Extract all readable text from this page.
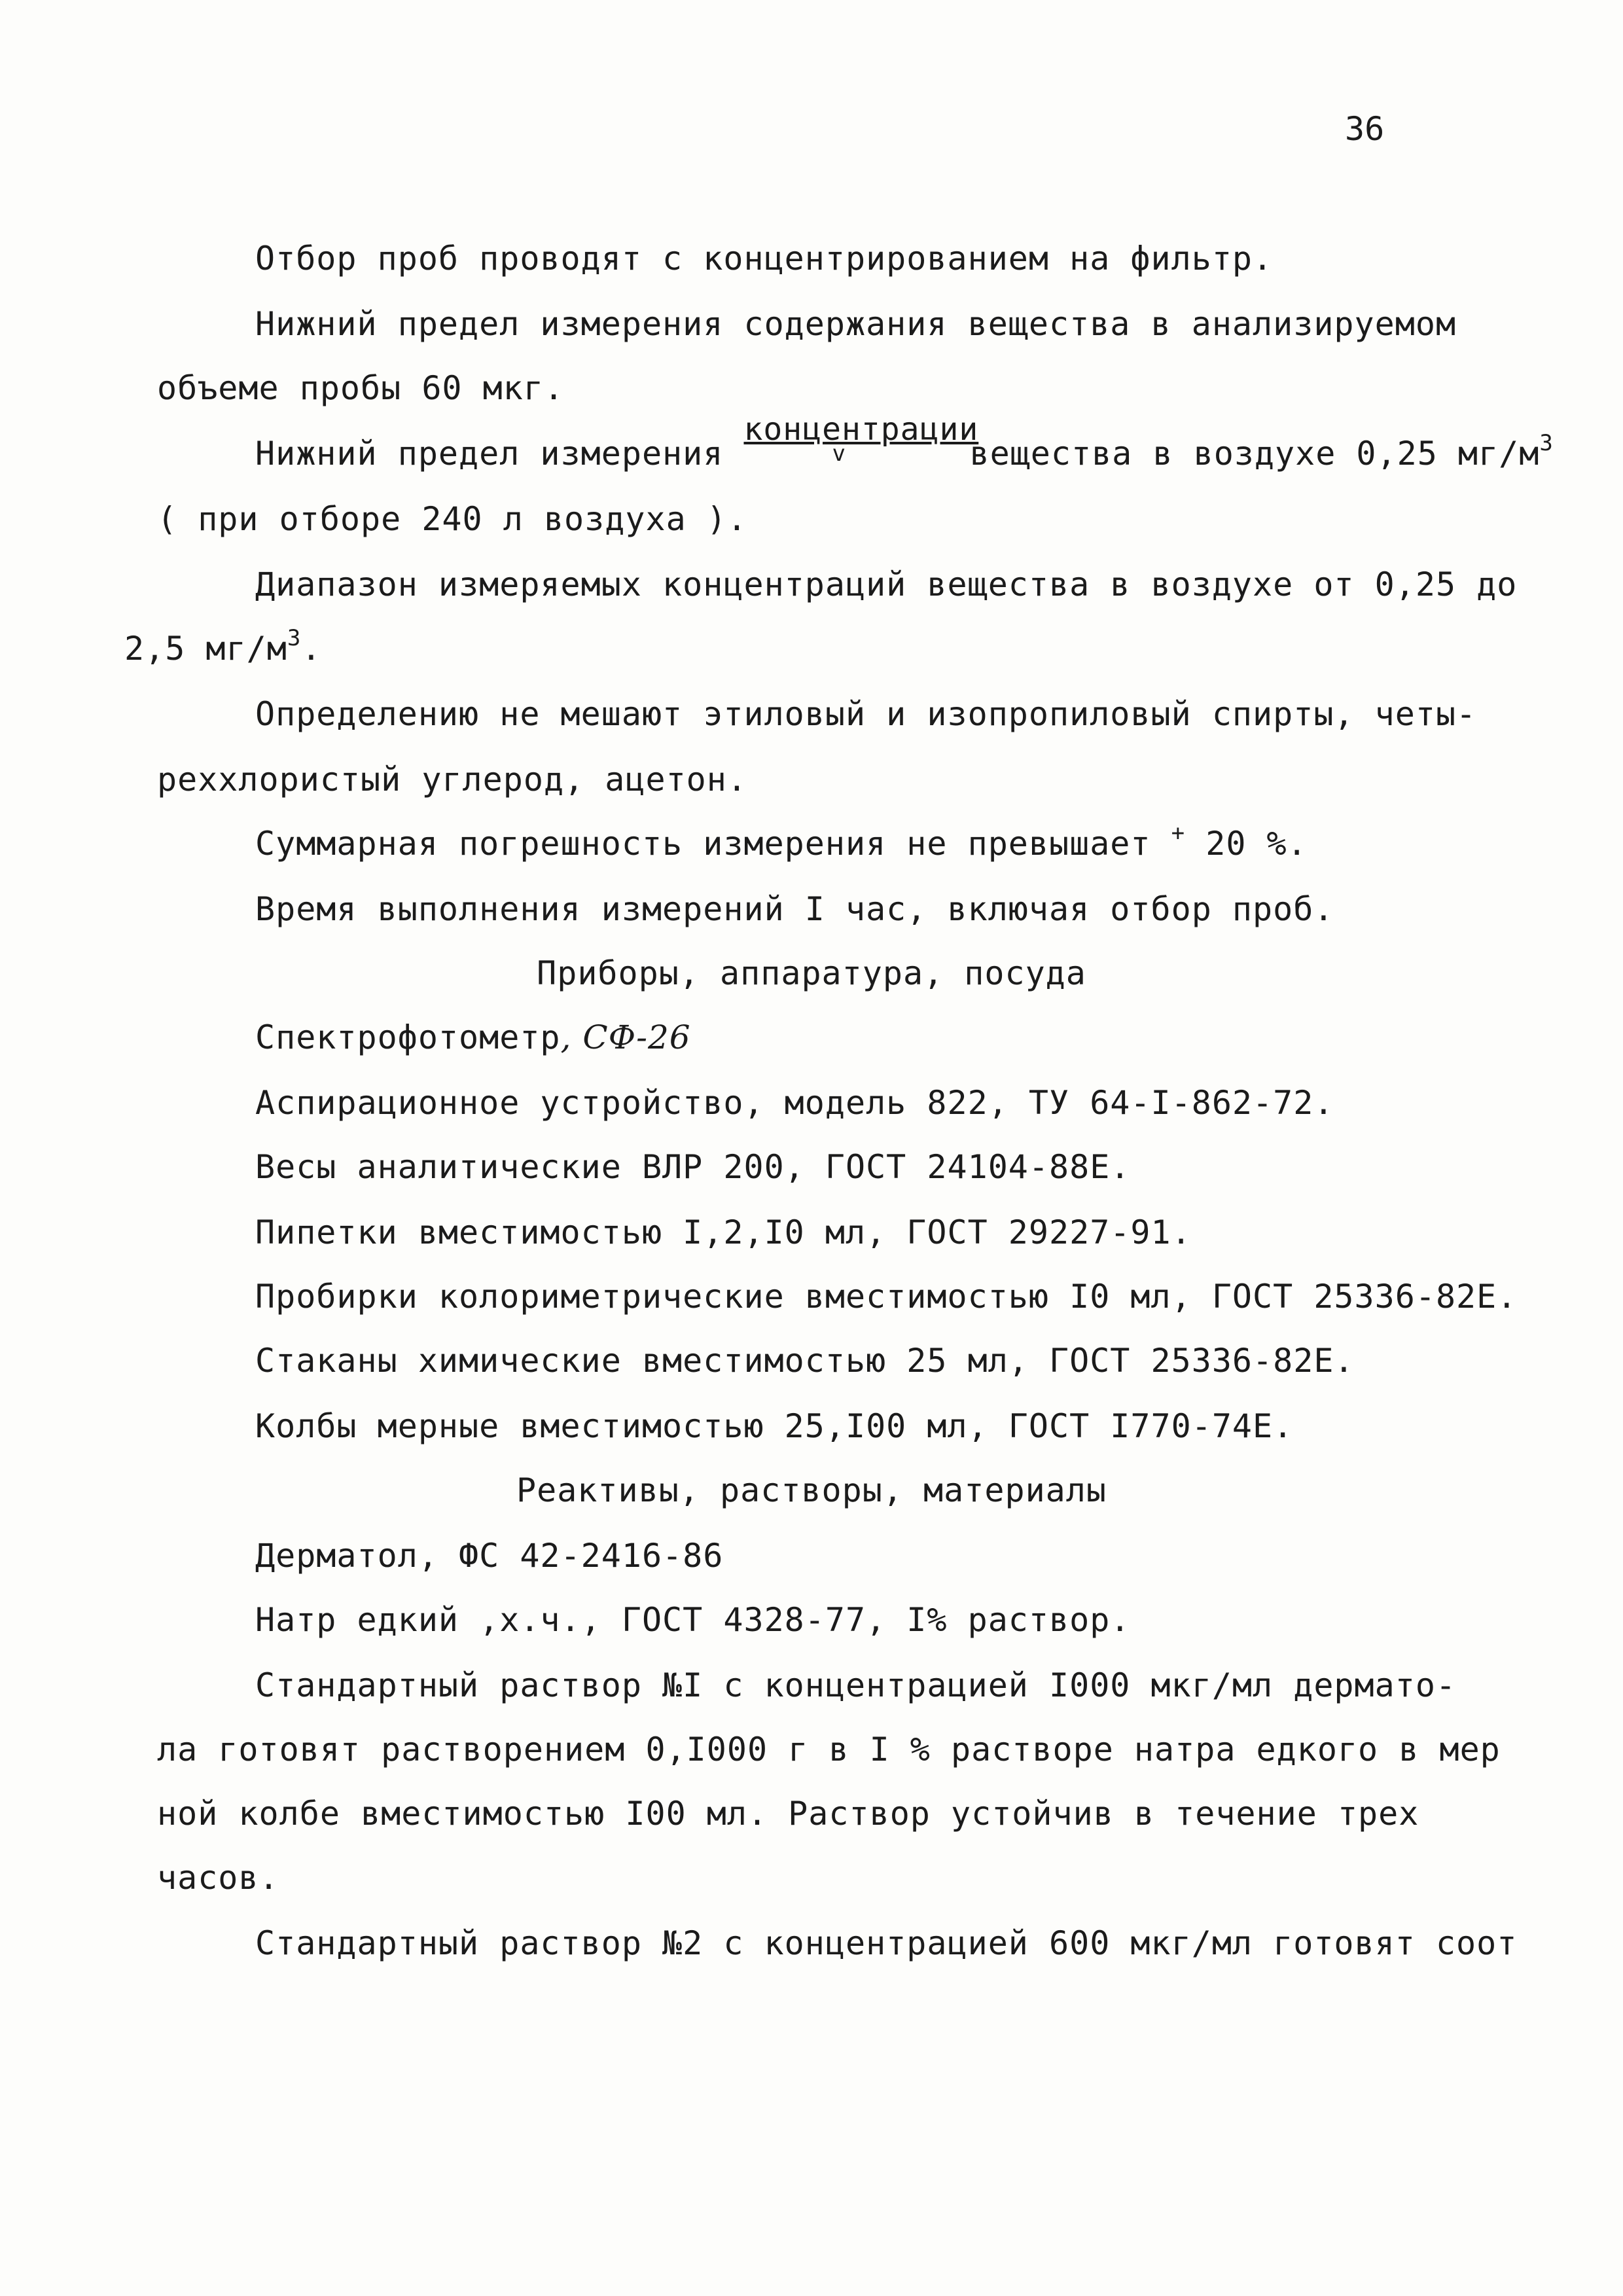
36
Отбор проб проводят с концентрированием на фильтр.
Нижний предел измерения содержания вещества в анализируемом
объеме пробы 60 мкг.
Нижний предел измерения
концентрации
v	вещества в воздухе 0,25 $мг/м^3$
( при отборе 240 л воздуха ).
Диапазон измеряемых концентраций вещества в воздухе от 0,25 до
2,5 $мг/м^3$.
Определению не мешают этиловый и изопропиловый спирты, четы-
реххлористый углерод, ацетон.
Суммарная погрешность измерения не превышает + 20 %.
Время выполнения измерений I час, включая отбор проб.
Приборы, аппаратура, посуда
Спектрофотометр, СФ-26
Аспирационное устройство, модель 822, ТУ 64-I-862-72.
Весы аналитические ВЛР 200, ГОСТ 24104-88Е.
Пипетки вместимостью I,2,I0 мл, ГОСТ 29227-91.
Пробирки колориметрические вместимостью I0 мл, ГОСТ 25336-82Е.
Стаканы химические вместимостью 25 мл, ГОСТ 25336-82Е.
Колбы мерные вместимостью 25,I00 мл, ГОСТ I770-74Е.
Реактивы, растворы, материалы
Дерматол, ФС 42-2416-86
Натр едкий ,х.ч., ГОСТ 4328-77, I% раствор.
Стандартный раствор №I с концентрацией I000 мкг/мл дермато-
ла готовят растворением 0,I000 г в I % растворе натра едкого в мер
ной колбе вместимостью I00 мл. Раствор устойчив в течение трех
часов.
Стандартный раствор №2 с концентрацией 600 мкг/мл готовят соот
